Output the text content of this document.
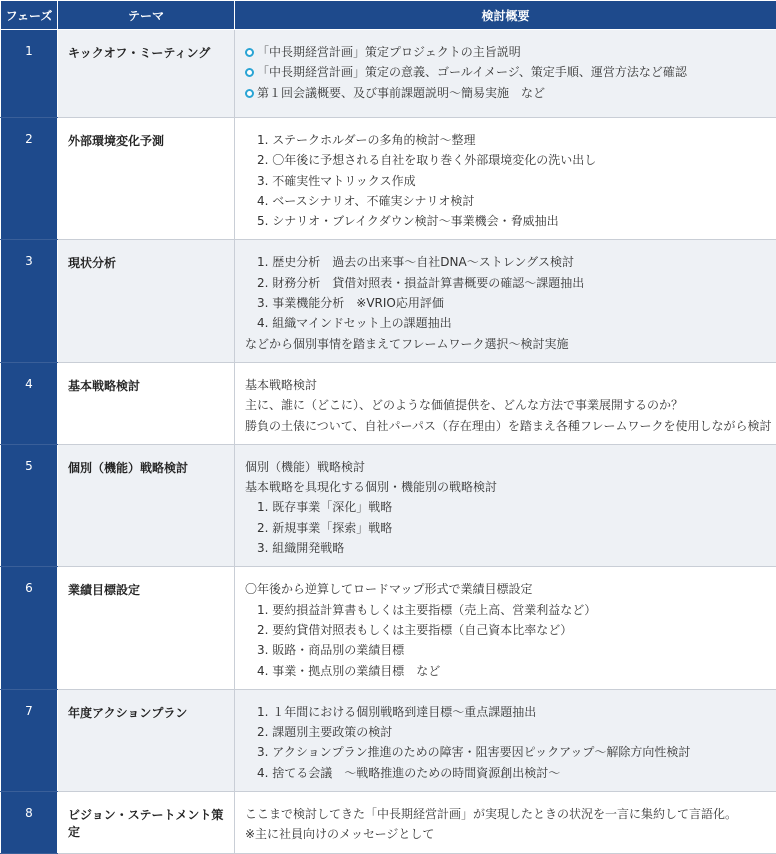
フェーズ	テーマ	検討概要
1	キックオフ・ミーティング	「中長期経営計画」策定プロジェクトの主旨説明
「中長期経営計画」策定の意義、ゴールイメージ、策定手順、運営方法など確認
第１回会議概要、及び事前課題説明～簡易実施　など

2	外部環境変化予測	1. ステークホルダーの多角的検討～整理
2. 〇年後に予想される自社を取り巻く外部環境変化の洗い出し
3. 不確実性マトリックス作成
4. ベースシナリオ、不確実シナリオ検討
5. シナリオ・ブレイクダウン検討～事業機会・脅威抽出

3	現状分析	1. 歴史分析　過去の出来事～自社DNA～ストレングス検討
2. 財務分析　貸借対照表・損益計算書概要の確認～課題抽出
3. 事業機能分析　※VRIO応用評価
4. 組織マインドセット上の課題抽出
などから個別事情を踏まえてフレームワーク選択～検討実施

4	基本戦略検討	基本戦略検討
主に、誰に（どこに）、どのような価値提供を、どんな方法で事業展開するのか？
勝負の土俵について、自社パーパス（存在理由）を踏まえ各種フレームワークを使用しながら検討

5	個別（機能）戦略検討	個別（機能）戦略検討
基本戦略を具現化する個別・機能別の戦略検討
1. 既存事業「深化」戦略
2. 新規事業「探索」戦略
3. 組織開発戦略

6	業績目標設定	〇年後から逆算してロードマップ形式で業績目標設定
1. 要約損益計算書もしくは主要指標（売上高、営業利益など）
2. 要約貸借対照表もしくは主要指標（自己資本比率など）
3. 販路・商品別の業績目標
4. 事業・拠点別の業績目標　など

7	年度アクションプラン	1. １年間における個別戦略到達目標～重点課題抽出
2. 課題別主要政策の検討
3. アクションプラン推進のための障害・阻害要因ピックアップ～解除方向性検討
4. 捨てる会議　～戦略推進のための時間資源創出検討～

8	ビジョン・ステートメント策定	ここまで検討してきた「中長期経営計画」が実現したときの状況を一言に集約して言語化。
※主に社員向けのメッセージとして
